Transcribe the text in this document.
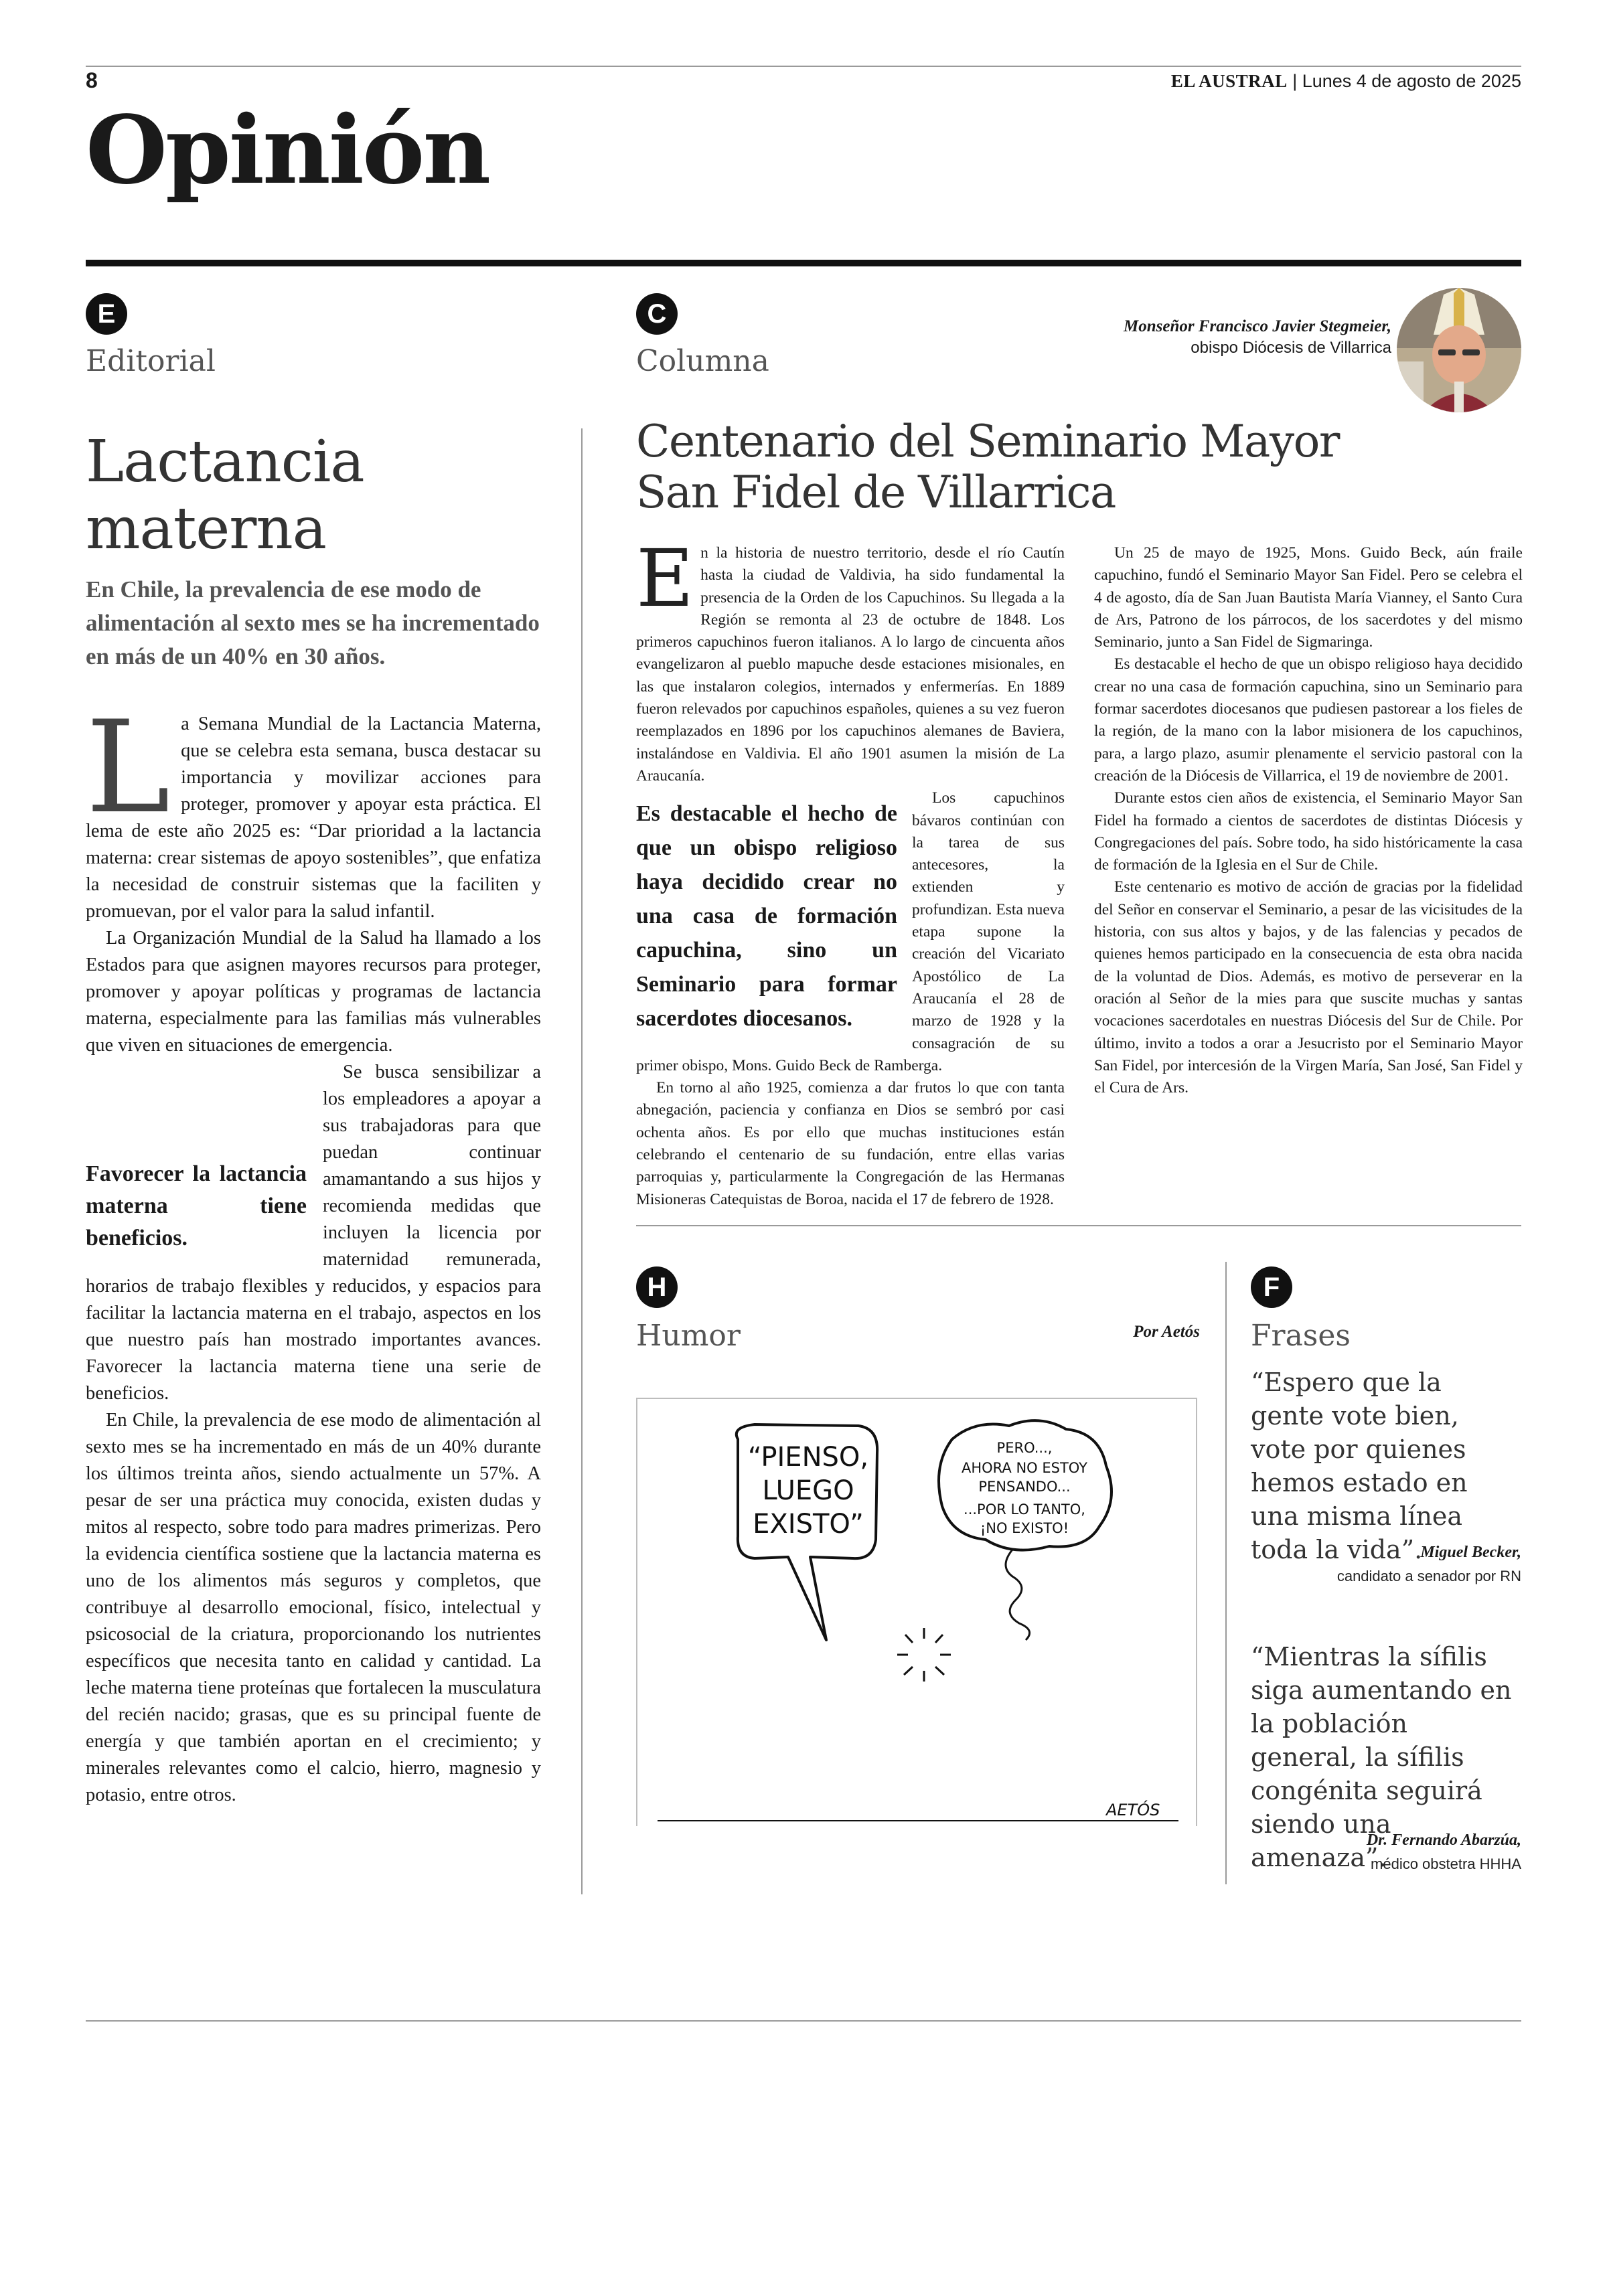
8	EL AUSTRAL | Lunes 4 de agosto de 2025
Opinión
E
Editorial
Lactancia
materna
En Chile, la prevalencia de ese modo de alimentación al sexto mes se ha incrementado en más de un 40% en 30 años.
L a Semana Mundial de la Lactancia Materna, que se celebra esta semana, busca destacar su importancia y movilizar acciones para proteger, promover y apoyar esta práctica. El lema de este año 2025 es: “Dar prioridad a la lactancia materna: crear sistemas de apoyo sostenibles”, que enfatiza la necesidad de construir sistemas que la faciliten y promuevan, por el valor para la salud infantil.

La Organización Mundial de la Salud ha llamado a los Estados para que asignen mayores recursos para proteger, promover y apoyar políticas y programas de lactancia materna, especialmente para las familias más vulnerables que viven en situaciones de emergencia.

Favorecer la lactancia materna tiene beneficios.

Se busca sensibilizar a los empleadores a apoyar a sus trabajadoras para que puedan continuar amamantando a sus hijos y recomienda medidas que incluyen la licencia por maternidad remunerada, horarios de trabajo flexibles y reducidos, y espacios para facilitar la lactancia materna en el trabajo, aspectos en los que nuestro país han mostrado importantes avances. Favorecer la lactancia materna tiene una serie de beneficios.

En Chile, la prevalencia de ese modo de alimentación al sexto mes se ha incrementado en más de un 40% durante los últimos treinta años, siendo actualmente un 57%. A pesar de ser una práctica muy conocida, existen dudas y mitos al respecto, sobre todo para madres primerizas. Pero la evidencia científica sostiene que la lactancia materna es uno de los alimentos más seguros y completos, que contribuye al desarrollo emocional, físico, intelectual y psicosocial de la criatura, proporcionando los nutrientes específicos que necesita tanto en calidad y cantidad. La leche materna tiene proteínas que fortalecen la musculatura del recién nacido; grasas, que es su principal fuente de energía y que también aportan en el crecimiento; y minerales relevantes como el calcio, hierro, magnesio y potasio, entre otros.

C
Columna
Monseñor Francisco Javier Stegmeier,
obispo Diócesis de Villarrica
Centenario del Seminario Mayor
San Fidel de Villarrica
E n la historia de nuestro territorio, desde el río Cautín hasta la ciudad de Valdivia, ha sido fundamental la presencia de la Orden de los Capuchinos. Su llegada a la Región se remonta al 23 de octubre de 1848. Los primeros capuchinos fueron italianos. A lo largo de cincuenta años evangelizaron al pueblo mapuche desde estaciones misionales, en las que instalaron colegios, internados y enfermerías. En 1889 fueron relevados por capuchinos españoles, quienes a su vez fueron reemplazados en 1896 por los capuchinos alemanes de Baviera, instalándose en Valdivia. El año 1901 asumen la misión de La Araucanía.

Es destacable el hecho de que un obispo religioso haya decidido crear no una casa de formación capuchina, sino un Seminario para formar sacerdotes diocesanos.

Los capuchinos bávaros continúan con la tarea de sus antecesores, la extienden y profundizan. Esta nueva etapa supone la creación del Vicariato Apostólico de La Araucanía el 28 de marzo de 1928 y la consagración de su primer obispo, Mons. Guido Beck de Ramberga.

En torno al año 1925, comienza a dar frutos lo que con tanta abnegación, paciencia y confianza en Dios se sembró por casi ochenta años. Es por ello que muchas instituciones están celebrando el centenario de su fundación, entre ellas varias parroquias y, particularmente la Congregación de las Hermanas Misioneras Catequistas de Boroa, nacida el 17 de febrero de 1928.

Un 25 de mayo de 1925, Mons. Guido Beck, aún fraile capuchino, fundó el Seminario Mayor San Fidel. Pero se celebra el 4 de agosto, día de San Juan Bautista María Vianney, el Santo Cura de Ars, Patrono de los párrocos, de los sacerdotes y del mismo Seminario, junto a San Fidel de Sigmaringa.

Es destacable el hecho de que un obispo religioso haya decidido crear no una casa de formación capuchina, sino un Seminario para formar sacerdotes diocesanos que pudiesen pastorear a los fieles de la región, de la mano con la labor misionera de los capuchinos, para, a largo plazo, asumir plenamente el servicio pastoral con la creación de la Diócesis de Villarrica, el 19 de noviembre de 2001.

Durante estos cien años de existencia, el Seminario Mayor San Fidel ha formado a cientos de sacerdotes de distintas Diócesis y Congregaciones del país. Sobre todo, ha sido históricamente la casa de formación de la Iglesia en el Sur de Chile.

Este centenario es motivo de acción de gracias por la fidelidad del Señor en conservar el Seminario, a pesar de las vicisitudes de la historia, con sus altos y bajos, y de las falencias y pecados de quienes hemos participado en la consecuencia de esta obra nacida de la voluntad de Dios. Además, es motivo de perseverar en la oración al Señor de la mies para que suscite muchas y santas vocaciones sacerdotales en nuestras Diócesis del Sur de Chile. Por último, invito a todos a orar a Jesucristo por el Seminario Mayor San Fidel, por intercesión de la Virgen María, San José, San Fidel y el Cura de Ars.

H
Humor	Por Aetós
“PIENSO,
LUEGO
EXISTO”
PERO...,
AHORA NO ESTOY
PENSANDO...
...POR LO TANTO,
¡NO EXISTO!
AETÓS
F
Frases
“Espero que la gente vote bien, vote por quienes hemos estado en una misma línea toda la vida”.
Miguel Becker,
candidato a senador por RN
“Mientras la sífilis siga aumentando en la población general, la sífilis congénita seguirá siendo una amenaza”.
Dr. Fernando Abarzúa,
médico obstetra HHHA
